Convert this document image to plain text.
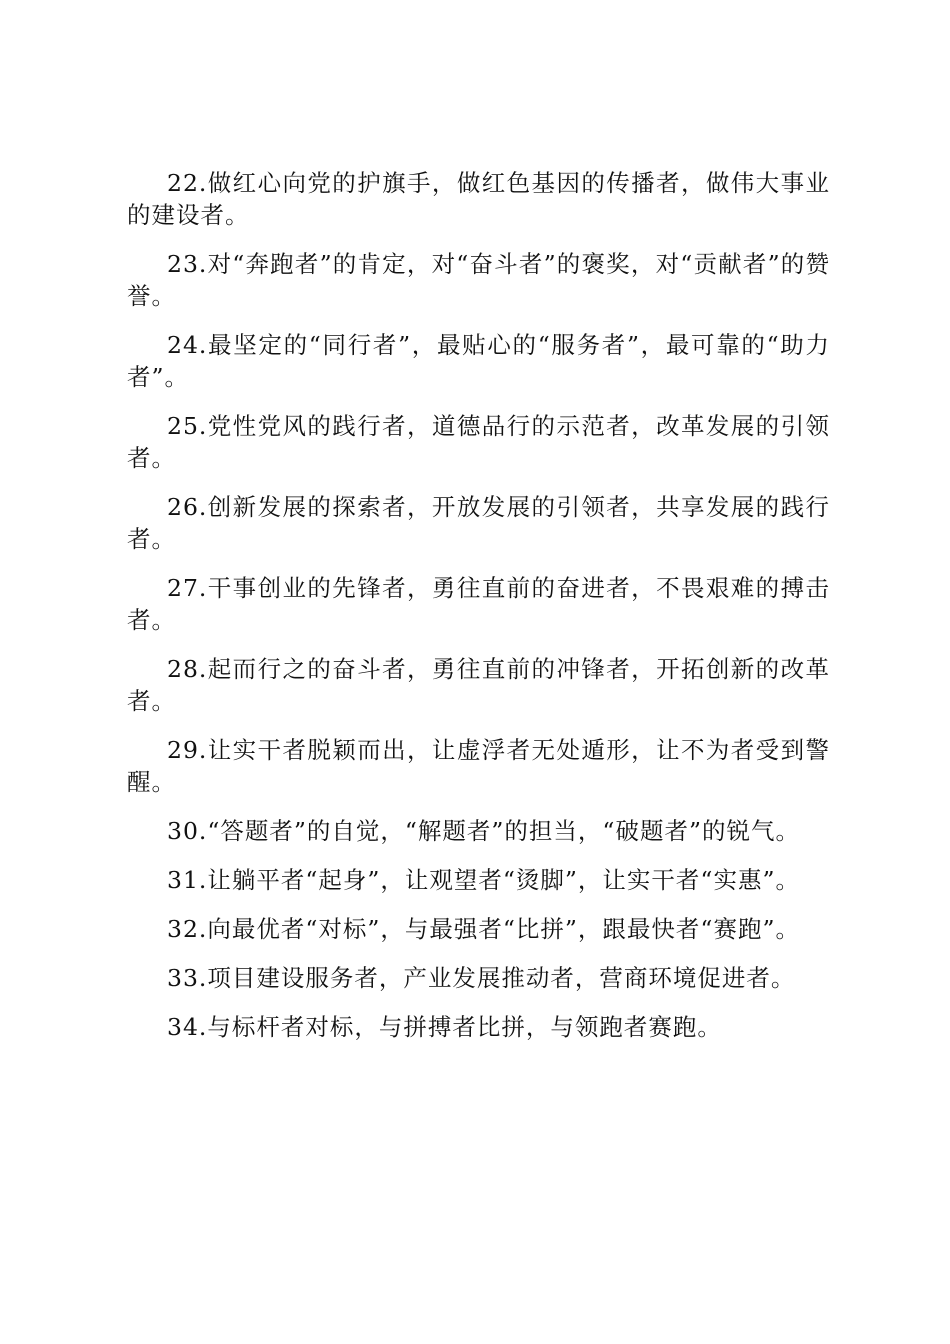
22.做红心向党的护旗手，做红色基因的传播者，做伟大事业的建设者。

23.对“奔跑者”的肯定，对“奋斗者”的褒奖，对“贡献者”的赞誉。

24.最坚定的“同行者”，最贴心的“服务者”，最可靠的“助力者”。

25.党性党风的践行者，道德品行的示范者，改革发展的引领者。

26.创新发展的探索者，开放发展的引领者，共享发展的践行者。

27.干事创业的先锋者，勇往直前的奋进者，不畏艰难的搏击者。

28.起而行之的奋斗者，勇往直前的冲锋者，开拓创新的改革者。

29.让实干者脱颖而出，让虚浮者无处遁形，让不为者受到警醒。

30.“答题者”的自觉，“解题者”的担当，“破题者”的锐气。

31.让躺平者“起身”，让观望者“烫脚”，让实干者“实惠”。

32.向最优者“对标”，与最强者“比拼”，跟最快者“赛跑”。

33.项目建设服务者，产业发展推动者，营商环境促进者。

34.与标杆者对标，与拼搏者比拼，与领跑者赛跑。
